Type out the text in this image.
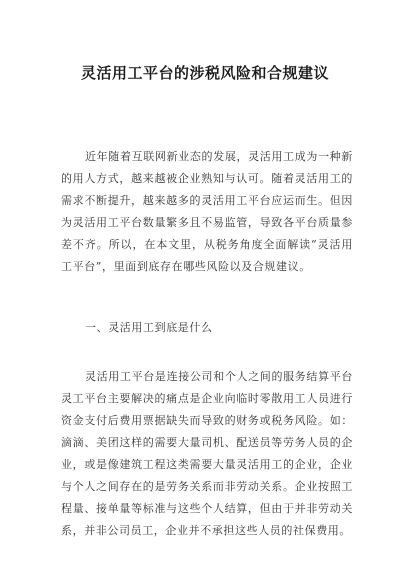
灵活用工平台的涉税风险和合规建议
近年随着互联网新业态的发展，灵活用工成为一种新的用人方式，越来越被企业熟知与认可。随着灵活用工的需求不断提升，越来越多的灵活用工平台应运而生。但因为灵活用工平台数量繁多且不易监管，导致各平台质量参差不齐。所以，在本文里，从税务角度全面解读“灵活用工平台”，里面到底存在哪些风险以及合规建议。
一、灵活用工到底是什么
灵活用工平台是连接公司和个人之间的服务结算平台灵工平台主要解决的痛点是企业向临时零散用工人员进行资金支付后费用票据缺失而导致的财务或税务风险。如：滴滴、美团这样的需要大量司机、配送员等劳务人员的企业，或是像建筑工程这类需要大量灵活用工的企业，企业与个人之间存在的是劳务关系而非劳动关系。企业按照工程量、接单量等标准与这些个人结算，但由于并非劳动关系，并非公司员工，企业并不承担这些人员的社保费用。
